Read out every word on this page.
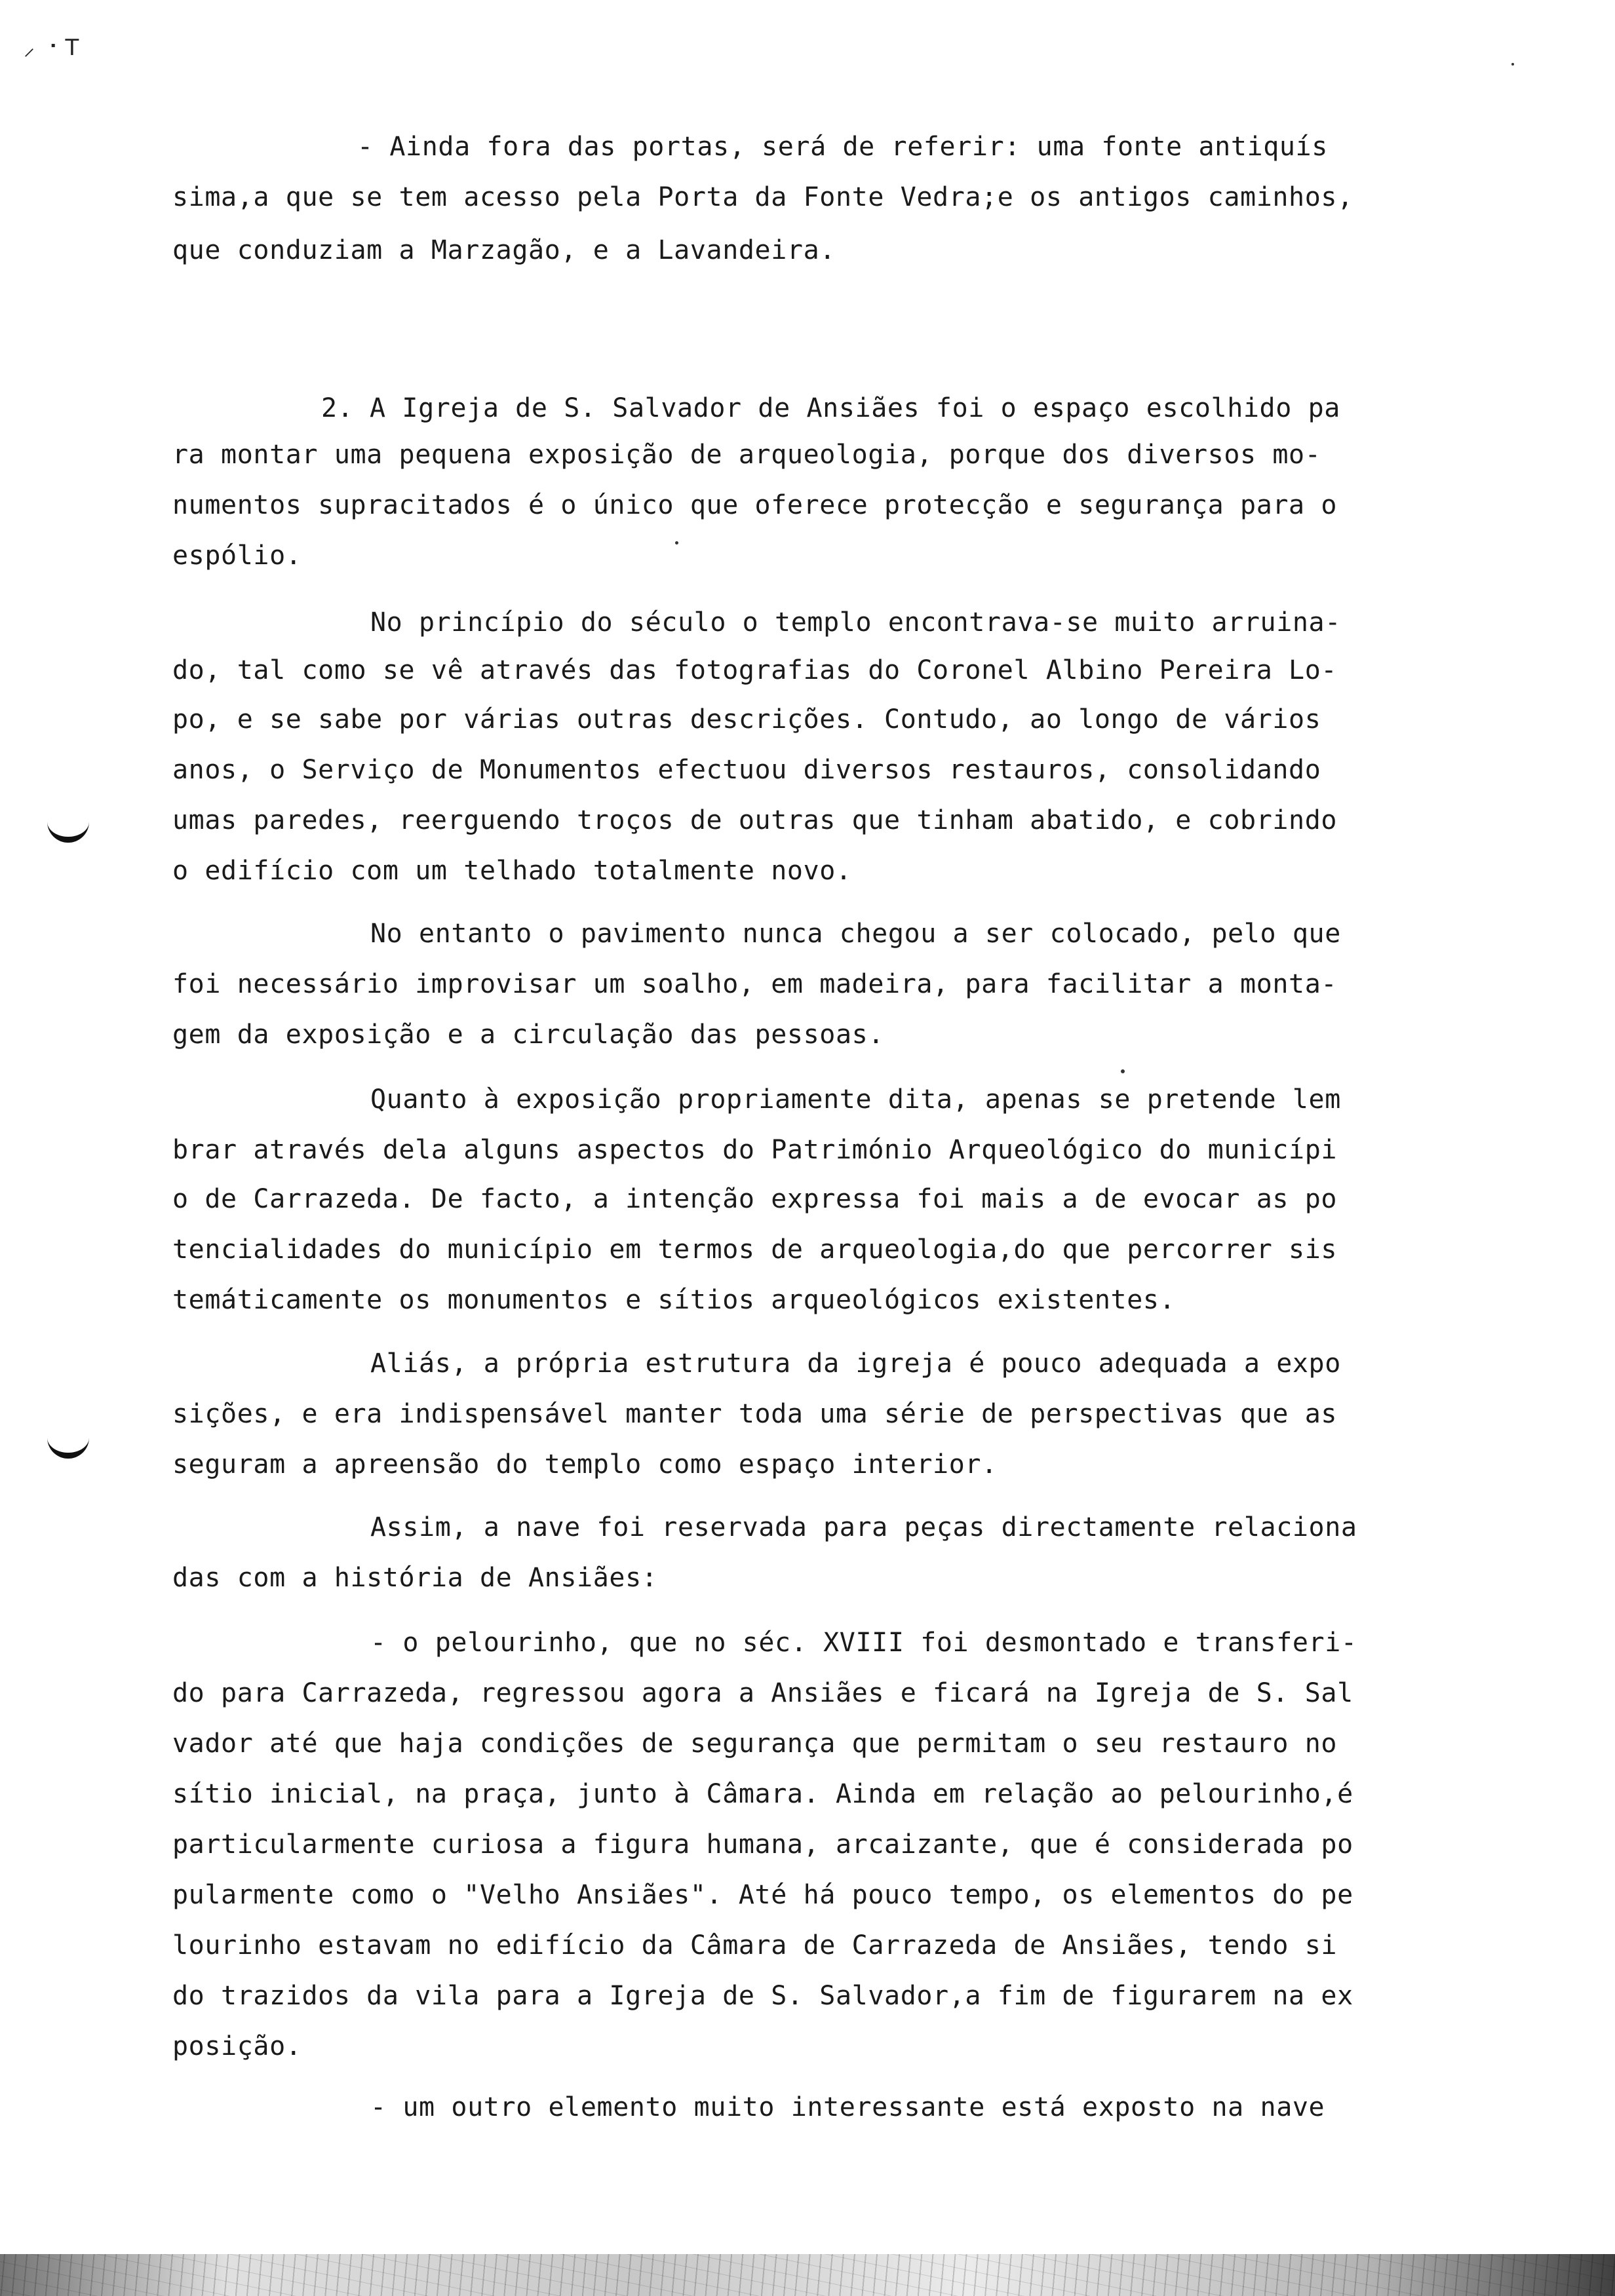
⸝ ⠐ T
- Ainda fora das portas, será de referir: uma fonte antiquís
sima,a que se tem acesso pela Porta da Fonte Vedra;e os antigos caminhos,
que conduziam a Marzagão, e a Lavandeira.
2. A Igreja de S. Salvador de Ansiães foi o espaço escolhido pa
ra montar uma pequena exposição de arqueologia, porque dos diversos mo-
numentos supracitados é o único que oferece protecção e segurança para o
espólio.
No princípio do século o templo encontrava-se muito arruina-
do, tal como se vê através das fotografias do Coronel Albino Pereira Lo-
po, e se sabe por várias outras descrições. Contudo, ao longo de vários
anos, o Serviço de Monumentos efectuou diversos restauros, consolidando
umas paredes, reerguendo troços de outras que tinham abatido, e cobrindo
o edifício com um telhado totalmente novo.
No entanto o pavimento nunca chegou a ser colocado, pelo que
foi necessário improvisar um soalho, em madeira, para facilitar a monta-
gem da exposição e a circulação das pessoas.
Quanto à exposição propriamente dita, apenas se pretende lem
brar através dela alguns aspectos do Património Arqueológico do municípi
o de Carrazeda. De facto, a intenção expressa foi mais a de evocar as po
tencialidades do município em termos de arqueologia,do que percorrer sis
temáticamente os monumentos e sítios arqueológicos existentes.
Aliás, a própria estrutura da igreja é pouco adequada a expo
sições, e era indispensável manter toda uma série de perspectivas que as
seguram a apreensão do templo como espaço interior.
Assim, a nave foi reservada para peças directamente relaciona
das com a história de Ansiães:
- o pelourinho, que no séc. XVIII foi desmontado e transferi-
do para Carrazeda, regressou agora a Ansiães e ficará na Igreja de S. Sal
vador até que haja condições de segurança que permitam o seu restauro no
sítio inicial, na praça, junto à Câmara. Ainda em relação ao pelourinho,é
particularmente curiosa a figura humana, arcaizante, que é considerada po
pularmente como o "Velho Ansiães". Até há pouco tempo, os elementos do pe
lourinho estavam no edifício da Câmara de Carrazeda de Ansiães, tendo si
do trazidos da vila para a Igreja de S. Salvador,a fim de figurarem na ex
posição.
- um outro elemento muito interessante está exposto na nave
